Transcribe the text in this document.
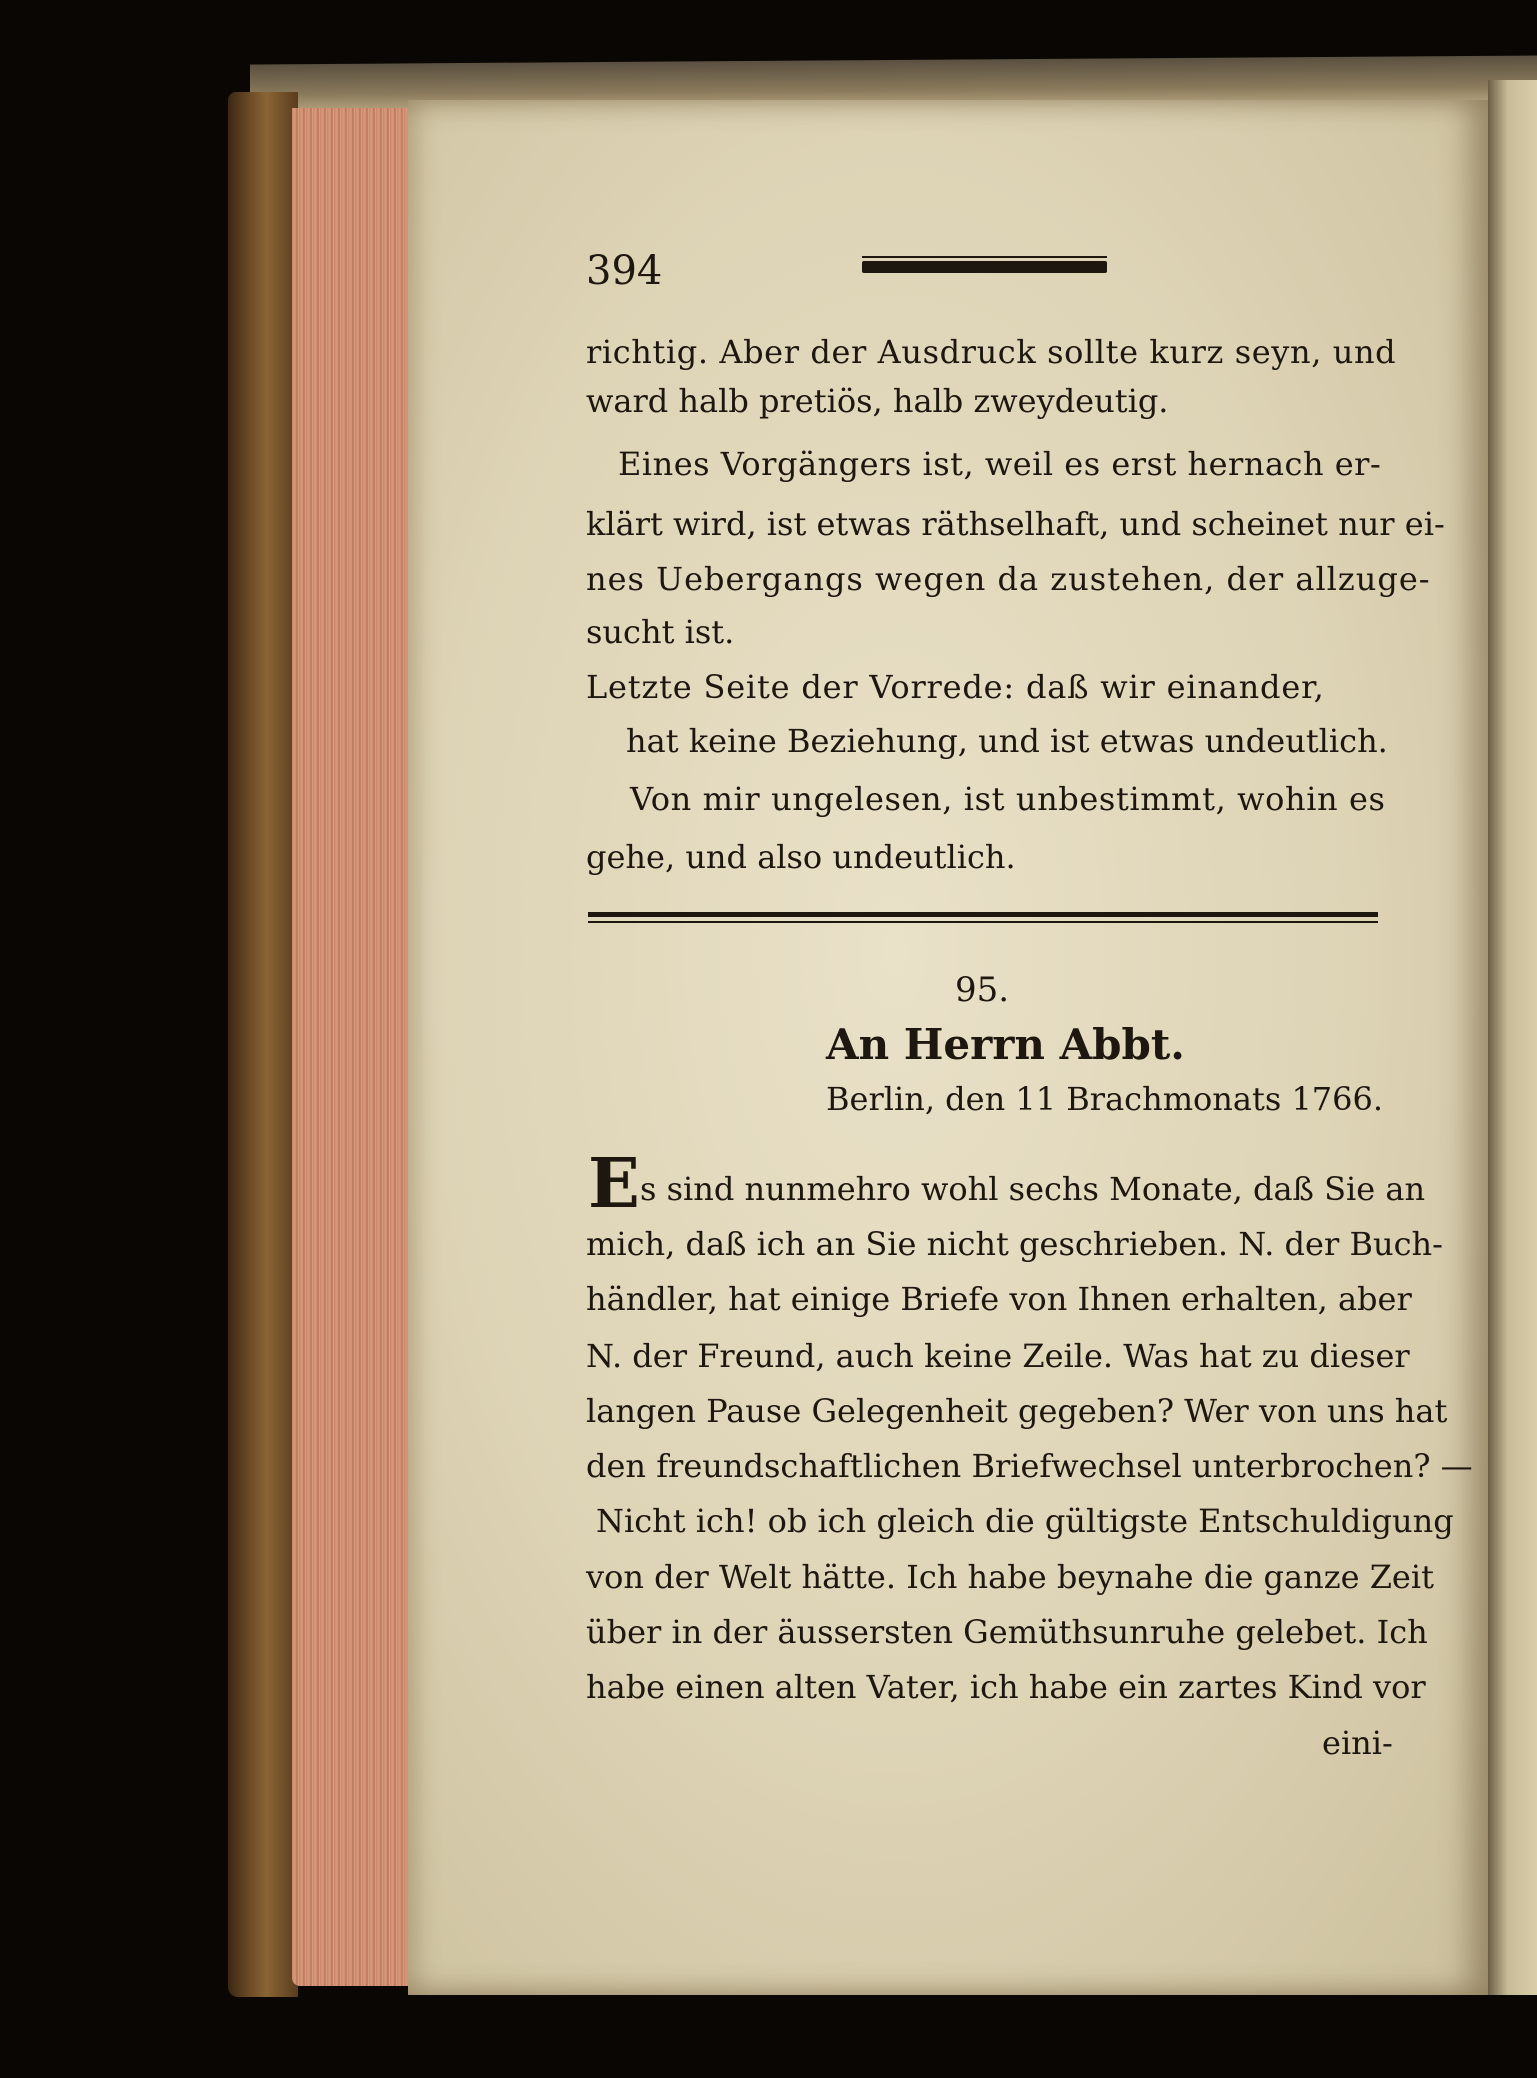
394
richtig. Aber der Ausdruck sollte kurz seyn, und
ward halb pretiös, halb zweydeutig.
Eines Vorgängers ist, weil es erst hernach er-
klärt wird, ist etwas räthselhaft, und scheinet nur ei-
nes Uebergangs wegen da zustehen, der allzuge-
sucht ist.
Letzte Seite der Vorrede: daß wir einander,
hat keine Beziehung, und ist etwas undeutlich.
Von mir ungelesen, ist unbestimmt, wohin es
gehe, und also undeutlich.
95.
An Herrn Abbt.
Berlin, den 11 Brachmonats 1766.
E s sind nunmehro wohl sechs Monate, daß Sie an
mich, daß ich an Sie nicht geschrieben. N. der Buch-
händler, hat einige Briefe von Ihnen erhalten, aber
N. der Freund, auch keine Zeile. Was hat zu dieser
langen Pause Gelegenheit gegeben? Wer von uns hat
den freundschaftlichen Briefwechsel unterbrochen? —
Nicht ich! ob ich gleich die gültigste Entschuldigung
von der Welt hätte. Ich habe beynahe die ganze Zeit
über in der äussersten Gemüthsunruhe gelebet. Ich
habe einen alten Vater, ich habe ein zartes Kind vor
eini-
